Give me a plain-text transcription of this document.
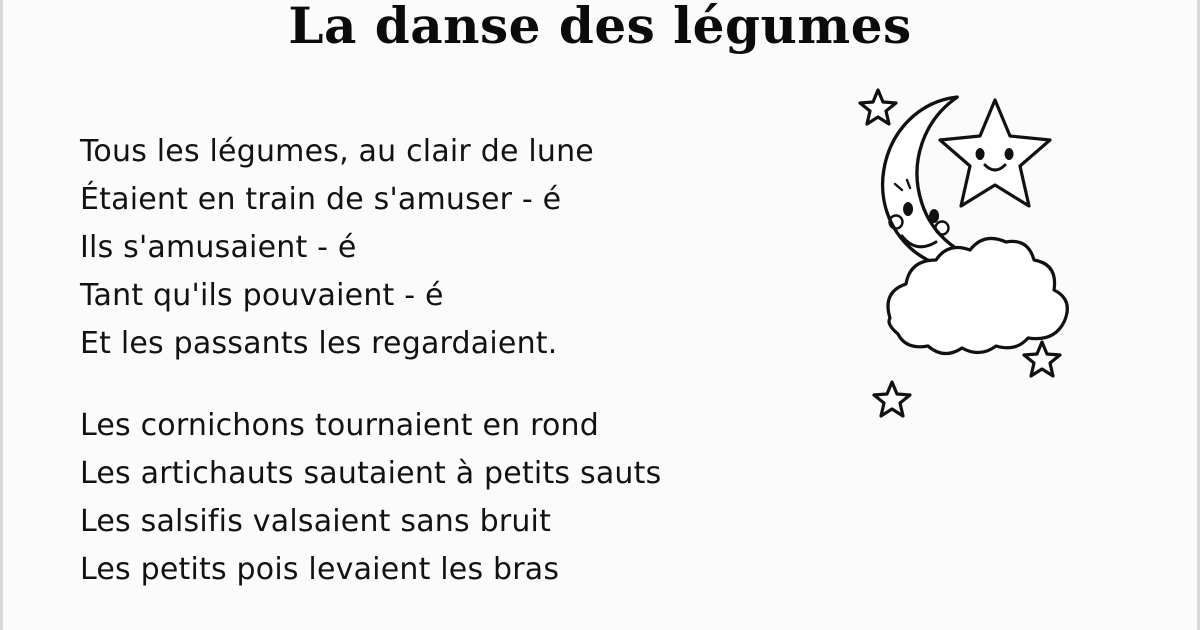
La danse des légumes
Tous les légumes, au clair de lune
Étaient en train de s'amuser - é
Ils s'amusaient - é
Tant qu'ils pouvaient - é
Et les passants les regardaient.
Les cornichons tournaient en rond
Les artichauts sautaient à petits sauts
Les salsifis valsaient sans bruit
Les petits pois levaient les bras
